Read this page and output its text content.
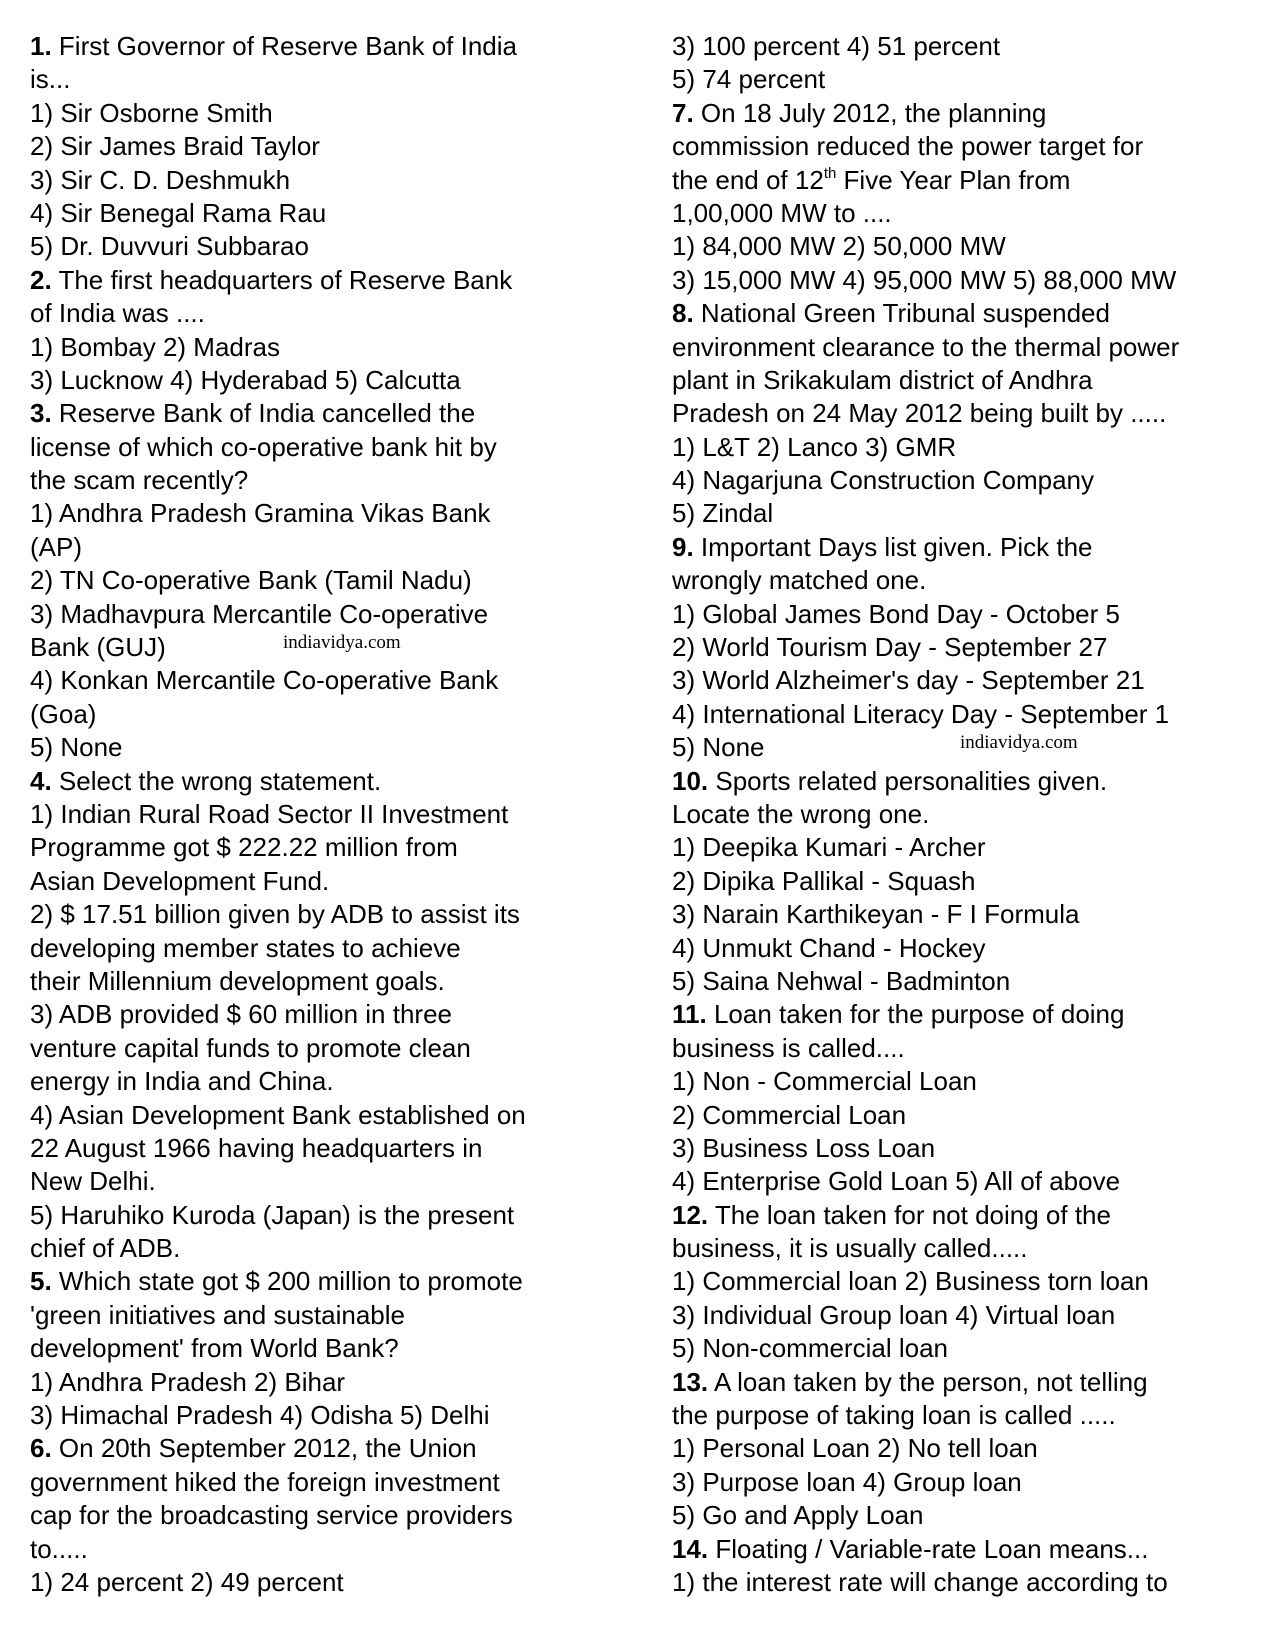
1. First Governor of Reserve Bank of India
is...
1) Sir Osborne Smith
2) Sir James Braid Taylor
3) Sir C. D. Deshmukh
4) Sir Benegal Rama Rau
5) Dr. Duvvuri Subbarao
2. The first headquarters of Reserve Bank
of India was ....
1) Bombay 2) Madras
3) Lucknow 4) Hyderabad 5) Calcutta
3. Reserve Bank of India cancelled the
license of which co-operative bank hit by
the scam recently?
1) Andhra Pradesh Gramina Vikas Bank
(AP)
2) TN Co-operative Bank (Tamil Nadu)
3) Madhavpura Mercantile Co-operative
Bank (GUJ)
4) Konkan Mercantile Co-operative Bank
(Goa)
5) None
4. Select the wrong statement.
1) Indian Rural Road Sector II Investment
Programme got $ 222.22 million from
Asian Development Fund.
2) $ 17.51 billion given by ADB to assist its
developing member states to achieve
their Millennium development goals.
3) ADB provided $ 60 million in three
venture capital funds to promote clean
energy in India and China.
4) Asian Development Bank established on
22 August 1966 having headquarters in
New Delhi.
5) Haruhiko Kuroda (Japan) is the present
chief of ADB.
5. Which state got $ 200 million to promote
'green initiatives and sustainable
development' from World Bank?
1) Andhra Pradesh 2) Bihar
3) Himachal Pradesh 4) Odisha 5) Delhi
6. On 20th September 2012, the Union
government hiked the foreign investment
cap for the broadcasting service providers
to.....
1) 24 percent 2) 49 percent
3) 100 percent 4) 51 percent
5) 74 percent
7. On 18 July 2012, the planning
commission reduced the power target for
the end of 12th Five Year Plan from
1,00,000 MW to ....
1) 84,000 MW 2) 50,000 MW
3) 15,000 MW 4) 95,000 MW 5) 88,000 MW
8. National Green Tribunal suspended
environment clearance to the thermal power
plant in Srikakulam district of Andhra
Pradesh on 24 May 2012 being built by .....
1) L&T 2) Lanco 3) GMR
4) Nagarjuna Construction Company
5) Zindal
9. Important Days list given. Pick the
wrongly matched one.
1) Global James Bond Day - October 5
2) World Tourism Day - September 27
3) World Alzheimer's day - September 21
4) International Literacy Day - September 1
5) None
10. Sports related personalities given.
Locate the wrong one.
1) Deepika Kumari - Archer
2) Dipika Pallikal - Squash
3) Narain Karthikeyan - F I Formula
4) Unmukt Chand - Hockey
5) Saina Nehwal - Badminton
11. Loan taken for the purpose of doing
business is called....
1) Non - Commercial Loan
2) Commercial Loan
3) Business Loss Loan
4) Enterprise Gold Loan 5) All of above
12. The loan taken for not doing of the
business, it is usually called.....
1) Commercial loan 2) Business torn loan
3) Individual Group loan 4) Virtual loan
5) Non-commercial loan
13. A loan taken by the person, not telling
the purpose of taking loan is called .....
1) Personal Loan 2) No tell loan
3) Purpose loan 4) Group loan
5) Go and Apply Loan
14. Floating / Variable-rate Loan means...
1) the interest rate will change according to
indiavidya.com
indiavidya.com
